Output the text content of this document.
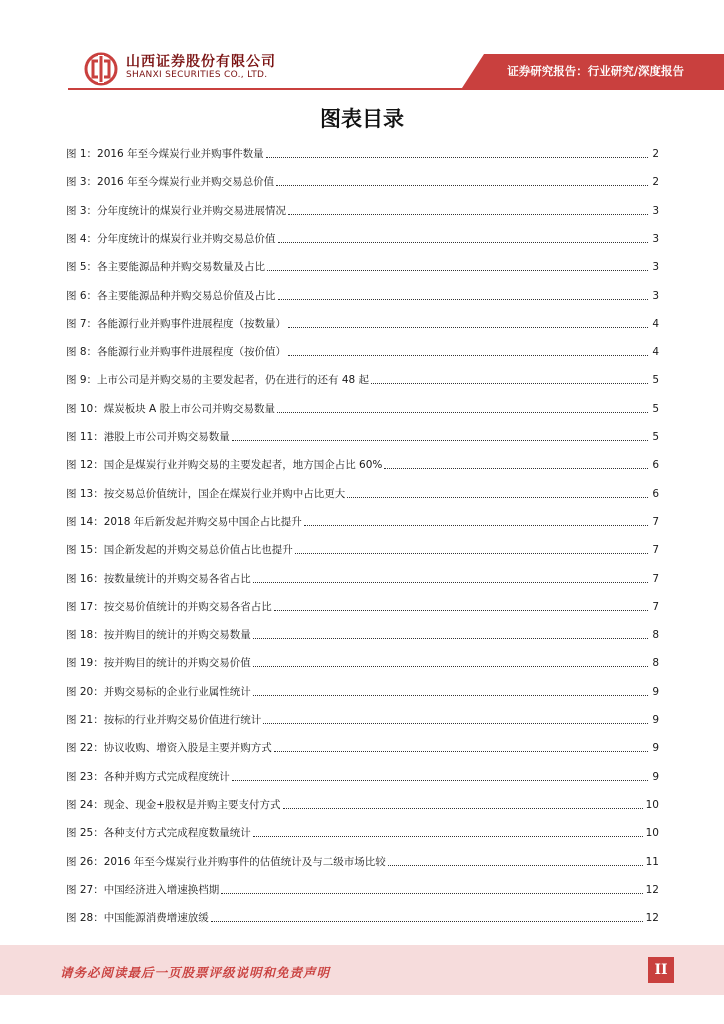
山西证券股份有限公司
SHANXI SECURITIES CO., LTD.	证券研究报告：行业研究/深度报告
图表目录
图 1：2016 年至今煤炭行业并购事件数量	2
图 3：2016 年至今煤炭行业并购交易总价值	2
图 3：分年度统计的煤炭行业并购交易进展情况	3
图 4：分年度统计的煤炭行业并购交易总价值	3
图 5：各主要能源品种并购交易数量及占比	3
图 6：各主要能源品种并购交易总价值及占比	3
图 7：各能源行业并购事件进展程度（按数量）	4
图 8：各能源行业并购事件进展程度（按价值）	4
图 9：上市公司是并购交易的主要发起者，仍在进行的还有 48 起	5
图 10：煤炭板块 A 股上市公司并购交易数量	5
图 11：港股上市公司并购交易数量	5
图 12：国企是煤炭行业并购交易的主要发起者，地方国企占比 60%	6
图 13：按交易总价值统计，国企在煤炭行业并购中占比更大	6
图 14：2018 年后新发起并购交易中国企占比提升	7
图 15：国企新发起的并购交易总价值占比也提升	7
图 16：按数量统计的并购交易各省占比	7
图 17：按交易价值统计的并购交易各省占比	7
图 18：按并购目的统计的并购交易数量	8
图 19：按并购目的统计的并购交易价值	8
图 20：并购交易标的企业行业属性统计	9
图 21：按标的行业并购交易价值进行统计	9
图 22：协议收购、增资入股是主要并购方式	9
图 23：各种并购方式完成程度统计	9
图 24：现金、现金+股权是并购主要支付方式	10
图 25：各种支付方式完成程度数量统计	10
图 26：2016 年至今煤炭行业并购事件的估值统计及与二级市场比较	11
图 27：中国经济进入增速换档期	12
图 28：中国能源消费增速放缓	12
请务必阅读最后一页股票评级说明和免责声明	II
